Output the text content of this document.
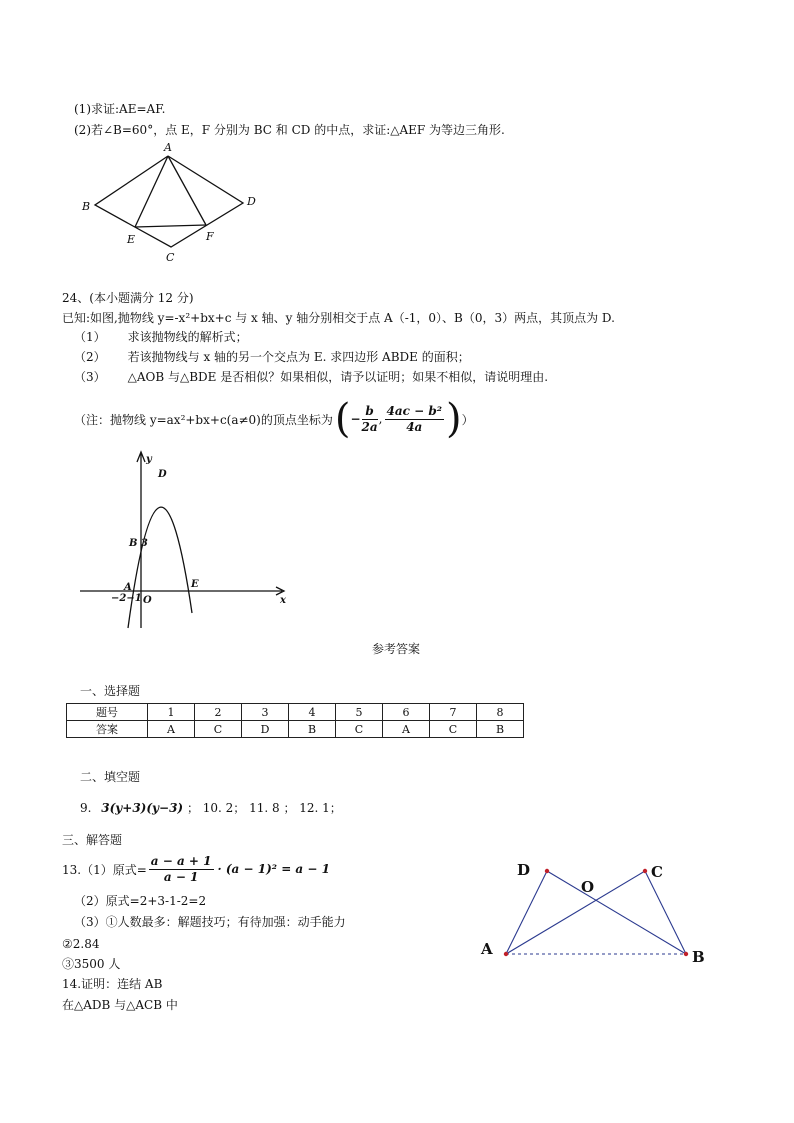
(1)求证:AE=AF.
(2)若∠B=60°，点 E，F 分别为 BC 和 CD 的中点，求证:△AEF 为等边三角形.
A
B
C
D
E	F
24、(本小题满分 12 分)
已知:如图,抛物线 y=-x²+bx+c 与 x 轴、y 轴分别相交于点 A（-1，0）、B（0，3）两点，其顶点为 D.
（1） 求该抛物线的解析式；
（2） 若该抛物线与 x 轴的另一个交点为 E. 求四边形 ABDE 的面积；
（3） △AOB 与△BDE 是否相似？如果相似，请予以证明；如果不相似，请说明理由.
（注：抛物线 y=ax²+bx+c(a≠0)的顶点坐标为 ( − $\frac{b}{2a}$ , $\frac{\text{4ac − b²}}{4a}$ ) ）
y
x
D
B 3
A	E
O
−2−1
参考答案
一、选择题
题号	1	2	3	4	5	6	7	8
答案	A	C	D	B	C	A	C	B
二、填空题
9. 3(y+3)(y−3) ； 10. 2； 11. 8 ； 12. 1；
三、解答题
13.（1）原式= $\frac{a - a + 1}{a - 1} \cdot (a - 1)^2 = a - 1$
（2）原式=2+3-1-2=2
（3）①人数最多：解题技巧；有待加强：动手能力
②2.84
③3500 人
14.证明：连结 AB
在△ADB 与△ACB 中
D	C
O
A	B
